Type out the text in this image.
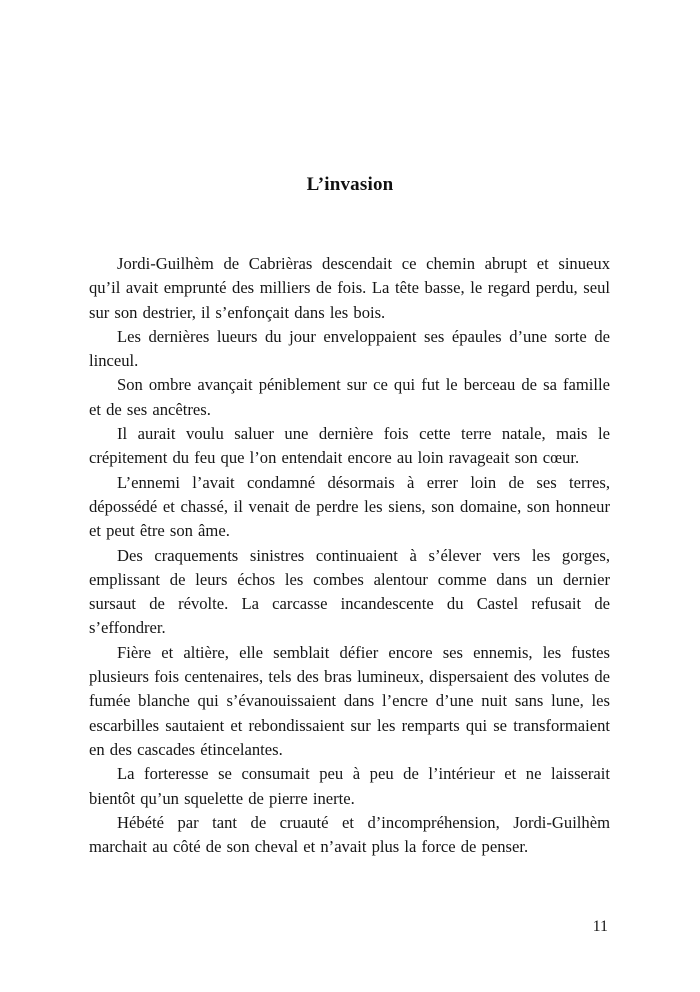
L’invasion

Jordi-Guilhèm de Cabrièras descendait ce chemin abrupt et sinueux qu’il avait emprunté des milliers de fois. La tête basse, le regard perdu, seul sur son destrier, il s’enfonçait dans les bois.

Les dernières lueurs du jour enveloppaient ses épaules d’une sorte de linceul.

Son ombre avançait péniblement sur ce qui fut le berceau de sa famille et de ses ancêtres.

Il aurait voulu saluer une dernière fois cette terre natale, mais le crépitement du feu que l’on entendait encore au loin ravageait son cœur.

L’ennemi l’avait condamné désormais à errer loin de ses terres, dépossédé et chassé, il venait de perdre les siens, son domaine, son honneur et peut être son âme.

Des craquements sinistres continuaient à s’élever vers les gorges, emplissant de leurs échos les combes alentour comme dans un dernier sursaut de révolte. La carcasse incandescente du Castel refusait de s’effondrer.

Fière et altière, elle semblait défier encore ses ennemis, les fustes plusieurs fois centenaires, tels des bras lumineux, dispersaient des volutes de fumée blanche qui s’évanouissaient dans l’encre d’une nuit sans lune, les escarbilles sautaient et rebondissaient sur les remparts qui se transformaient en des cascades étincelantes.

La forteresse se consumait peu à peu de l’intérieur et ne laisserait bientôt qu’un squelette de pierre inerte.

Hébété par tant de cruauté et d’incompréhension, Jordi-Guilhèm marchait au côté de son cheval et n’avait plus la force de penser.

11
